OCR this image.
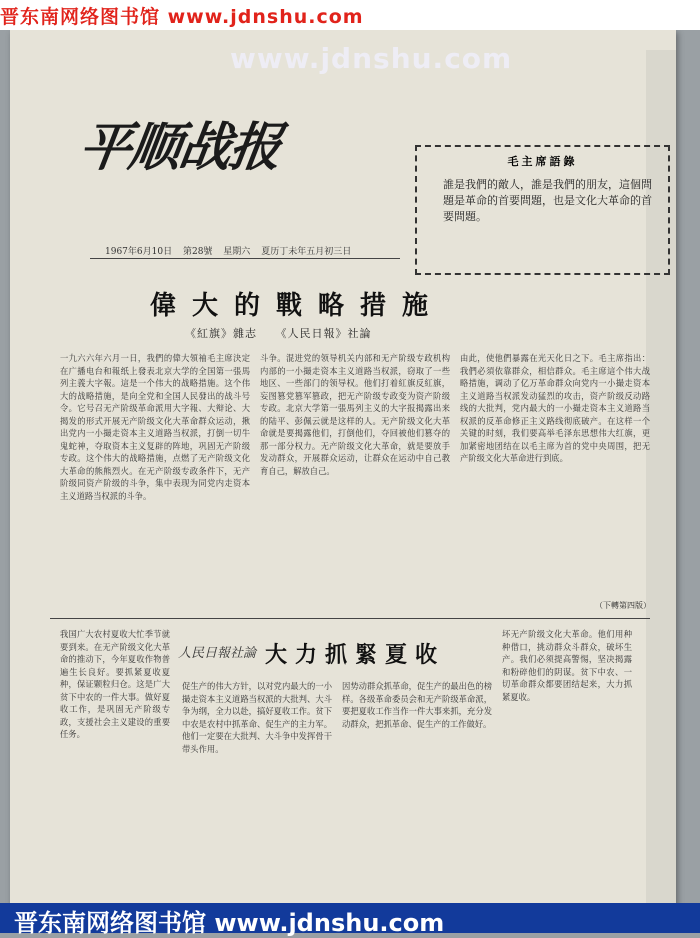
晋东南网络图书馆 www.jdnshu.com
平顺战报
1967年6月10日 第28號 星期六 夏历丁未年五月初三日
毛主席語錄
誰是我們的敵人，誰是我們的朋友，這個問題是革命的首要問題，也是文化大革命的首要問題。
偉大的戰略措施
《紅旗》雜志 《人民日報》社論
一九六六年六月一日，我們的偉大領袖毛主席決定在广播电台和報纸上發表北京大学的全国第一張馬列主義大字報。這是一个伟大的战略措施。这个伟大的战略措施，是向全党和全国人民發出的战斗号令。它号召无产阶级革命派用大字報、大辩论、大揭发的形式开展无产阶级文化大革命群众运动，揪出党内一小撮走资本主义道路当权派，打倒一切牛鬼蛇神，夺取资本主义复辟的阵地，巩固无产阶级专政。这个伟大的战略措施，点燃了无产阶级文化大革命的熊熊烈火。在无产阶级专政条件下，无产阶级同资产阶级的斗争，集中表现为同党内走资本主义道路当权派的斗争。
斗争。混进党的领导机关内部和无产阶级专政机构内部的一小撮走资本主义道路当权派，窃取了一些地区、一些部门的领导权。他们打着紅旗反紅旗，妄图篡党篡军篡政，把无产阶级专政变为资产阶级专政。北京大学第一張馬列主义的大字报揭露出来的陆平、彭佩云就是这样的人。无产阶级文化大革命就是要揭露他们，打倒他们，夺回被他们篡夺的那一部分权力。无产阶级文化大革命，就是要放手发动群众，开展群众运动，让群众在运动中自己教育自己，解放自己。
由此，使他們暴露在光天化日之下。毛主席指出：我們必須依靠群众，相信群众。毛主席這个伟大战略措施，调动了亿万革命群众向党内一小撮走资本主义道路当权派发动猛烈的攻击，资产阶级反动路线的大批判，党内最大的一小撮走资本主义道路当权派的反革命修正主义路线彻底破产。在这样一个关键的时刻，我们要高举毛泽东思想伟大红旗，更加紧密地团结在以毛主席为首的党中央周围，把无产阶级文化大革命进行到底。
（下轉第四版）
人民日報社論 大力抓緊夏收
我国广大农村夏收大忙季节就要到来。在无产阶级文化大革命的推动下，今年夏收作物普遍生长良好。要抓紧夏收夏种，保证颗粒归仓。这是广大贫下中农的一件大事。做好夏收工作，是巩固无产阶级专政，支援社会主义建设的重要任务。
促生产的伟大方针，以对党内最大的一小撮走资本主义道路当权派的大批判、大斗争为纲，全力以赴，搞好夏收工作。贫下中农是农村中抓革命、促生产的主力军。他们一定要在大批判、大斗争中发挥骨干带头作用。
因势动群众抓革命，促生产的最出色的榜样。各级革命委员会和无产阶级革命派，要把夏收工作当作一件大事来抓，充分发动群众，把抓革命、促生产的工作做好。
坏无产阶级文化大革命。他们用种种借口，挑动群众斗群众，破坏生产。我们必须提高警惕，坚决揭露和粉碎他们的阴谋。贫下中农、一切革命群众都要团结起来，大力抓紧夏收。
www.jdnshu.com
晋东南网络图书馆 www.jdnshu.com
